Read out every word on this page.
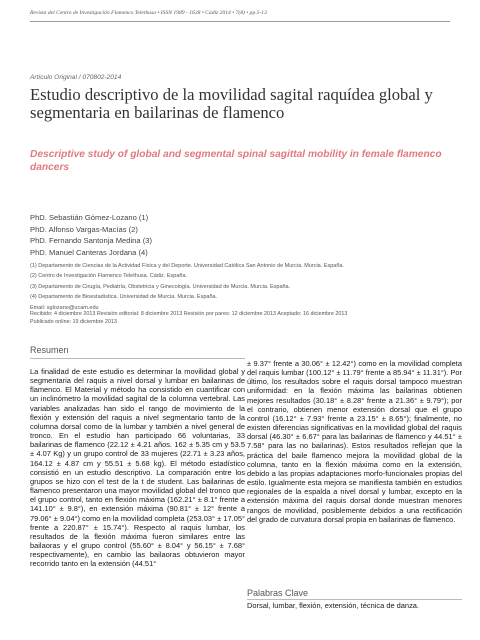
Revista del Centro de Investigación Flamenco Telethusa • ISSN 1989 - 1628 • Cádiz 2014 • 7(8) • pp.5-13
Artículo Original / 070802-2014
Estudio descriptivo de la movilidad sagital raquídea global y segmentaria en bailarinas de flamenco
Descriptive study of global and segmental spinal sagittal mobility in female flamenco dancers
PhD. Sebastián Gómez-Lozano (1)
PhD. Alfonso Vargas-Macías (2)
PhD. Fernando Santonja Medina (3)
PhD. Manuel Canteras Jordana (4)
(1) Departamento de Ciencias de la Actividad Física y del Deporte. Universidad Católica San Antonio de Murcia. Murcia. España.
(2) Centro de Investigación Flamenco Telethusa. Cádiz. España.
(3) Departamento de Cirugía, Pediatría, Obstetricia y Ginecología. Universidad de Murcia. Murcia. España.
(4) Departamento de Bioestadística. Universidad de Murcia. Murcia. España.
Email: sglozano@ucam.edu
Recibido: 4 diciembre 2013 Revisión editorial: 8 diciembre 2013 Revisión por pares: 12 diciembre 2013 Aceptado: 16 diciembre 2013
Publicado online: 19 diciembre 2013
Resumen

La finalidad de este estudio es determinar la movilidad global y segmentaria del raquis a nivel dorsal y lumbar en bailarinas de flamenco. El Material y método ha consistido en cuantificar con un inclinómetro la movilidad sagital de la columna vertebral. Las variables analizadas han sido el rango de movimiento de la flexión y extensión del raquis a nivel segmentario tanto de la columna dorsal como de la lumbar y también a nivel general de tronco. En el estudio han participado 66 voluntarias, 33 bailarinas de flamenco (22.12 ± 4.21 años. 162 ± 5.35 cm y 53.5 ± 4.07 Kg) y un grupo control de 33 mujeres (22.71 ± 3.23 años, 164.12 ± 4.87 cm y 55.51 ± 5.68 kg). El método estadístico consistió en un estudio descriptivo. La comparación entre los grupos se hizo con el test de la t de student. Las bailarinas de flamenco presentaron una mayor movilidad global del tronco que el grupo control, tanto en flexión máxima (162.21° ± 8.1° frente a 141.10° ± 9.8°), en extensión máxima (90.81° ± 12° frente a 79.06° ± 9.04°) como en la movilidad completa (253.03° ± 17.05° frente a 220.87° ± 15.74°). Respecto al raquis lumbar, los resultados de la flexión máxima fueron similares entre las bailaoras y el grupo control (55.60° ± 8.04° y 56.15° ± 7.68° respectivamente), en cambio las bailaoras obtuvieron mayor recorrido tanto en la extensión (44.51°

± 9.37° frente a 30.06° ± 12.42°) como en la movilidad completa del raquis lumbar (100.12° ± 11.79° frente a 85.94° ± 11.31°). Por último, los resultados sobre el raquis dorsal tampoco muestran uniformidad: en la flexión máxima las bailarinas obtienen mejores resultados (30.18° ± 8.28° frente a 21.36° ± 9.79°); por el contrario, obtienen menor extensión dorsal que el grupo control (16.12° ± 7.93° frente a 23.15° ± 8.65°); finalmente, no existen diferencias significativas en la movilidad global del raquis dorsal (46.30° ± 6.67° para las bailarinas de flamenco y 44.51° ± 7.58° para las no bailarinas). Estos resultados reflejan que la práctica del baile flamenco mejora la movilidad global de la columna, tanto en la flexión máxima como en la extensión, debido a las propias adaptaciones morfo-funcionales propias del estilo. Igualmente esta mejora se manifiesta también en estudios regionales de la espalda a nivel dorsal y lumbar, excepto en la extensión máxima del raquis dorsal donde muestran menores rangos de movilidad, posiblemente debidos a una rectificación del grado de curvatura dorsal propia en bailarinas de flamenco.

Palabras Clave

Dorsal, lumbar, flexión, extensión, técnica de danza.
